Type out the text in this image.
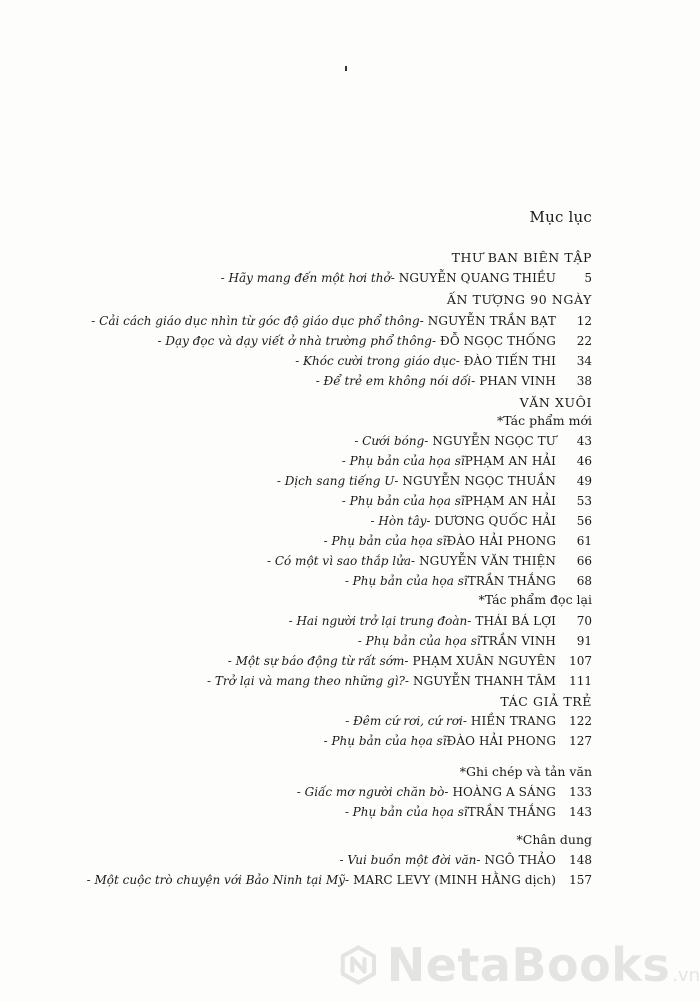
Mục lục
THƯ BAN BIÊN TẬP
- Hãy mang đến một hơi thở - NGUYỄN QUANG THIỀU	5
ẤN TƯỢNG 90 NGÀY
- Cải cách giáo dục nhìn từ góc độ giáo dục phổ thông - NGUYỄN TRẦN BẠT	12
- Dạy đọc và dạy viết ở nhà trường phổ thông - ĐỖ NGỌC THỐNG	22
- Khóc cười trong giáo dục - ĐÀO TIẾN THI	34
- Để trẻ em không nói dối - PHAN VINH	38
VĂN XUÔI
*Tác phẩm mới
- Cưới bóng - NGUYỄN NGỌC TƯ	43
- Phụ bản của họa sĩ PHẠM AN HẢI	46
- Dịch sang tiếng U - NGUYỄN NGỌC THUẦN	49
- Phụ bản của họa sĩ PHẠM AN HẢI	53
- Hòn tây - DƯƠNG QUỐC HẢI	56
- Phụ bản của họa sĩ ĐÀO HẢI PHONG	61
- Có một vì sao thắp lửa - NGUYỄN VĂN THIỆN	66
- Phụ bản của họa sĩ TRẦN THẮNG	68
*Tác phẩm đọc lại
- Hai người trở lại trung đoàn - THÁI BÁ LỢI	70
- Phụ bản của họa sĩ TRẦN VINH	91
- Một sự báo động từ rất sớm - PHẠM XUÂN NGUYÊN	107
- Trở lại và mang theo những gì? - NGUYỄN THANH TÂM	111
TÁC GIẢ TRẺ
- Đêm cứ rơi, cứ rơi - HIỀN TRANG	122
- Phụ bản của họa sĩ ĐÀO HẢI PHONG	127
*Ghi chép và tản văn
- Giấc mơ người chăn bò - HOÀNG A SÁNG	133
- Phụ bản của họa sĩ TRẦN THẮNG	143
*Chân dung
- Vui buồn một đời văn - NGÔ THẢO	148
- Một cuộc trò chuyện với Bảo Ninh tại Mỹ - MARC LEVY (MINH HẰNG dịch)	157
NetaBooks .vn
